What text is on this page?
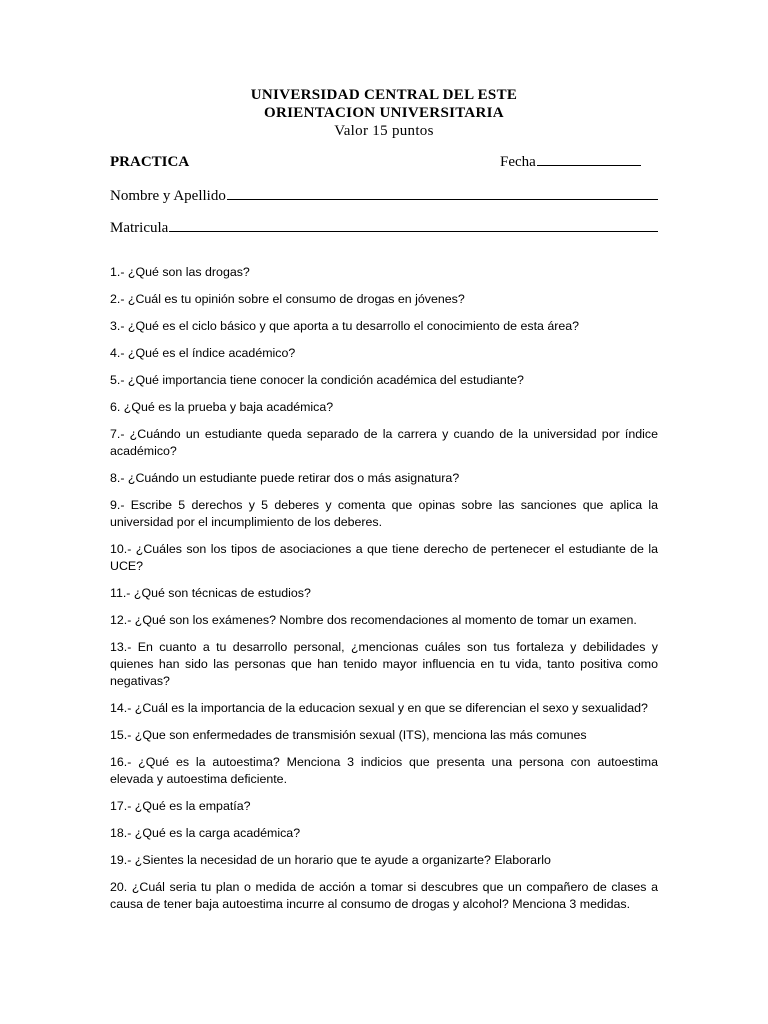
UNIVERSIDAD CENTRAL DEL ESTE
ORIENTACION UNIVERSITARIA
Valor 15 puntos
PRACTICA	Fecha
Nombre y Apellido
Matricula

1.- ¿Qué son las drogas?

2.- ¿Cuál es tu opinión sobre el consumo de drogas en jóvenes?

3.- ¿Qué es el ciclo básico y que aporta a tu desarrollo el conocimiento de esta área?

4.- ¿Qué es el índice académico?

5.- ¿Qué importancia tiene conocer la condición académica del estudiante?

6. ¿Qué es la prueba y baja académica?

7.- ¿Cuándo un estudiante queda separado de la carrera y cuando de la universidad por índice académico?

8.- ¿Cuándo un estudiante puede retirar dos o más asignatura?

9.- Escribe 5 derechos y 5 deberes y comenta que opinas sobre las sanciones que aplica la universidad por el incumplimiento de los deberes.

10.- ¿Cuáles son los tipos de asociaciones a que tiene derecho de pertenecer el estudiante de la UCE?

11.- ¿Qué son técnicas de estudios?

12.- ¿Qué son los exámenes? Nombre dos recomendaciones al momento de tomar un examen.

13.- En cuanto a tu desarrollo personal, ¿mencionas cuáles son tus fortaleza y debilidades y quienes han sido las personas que han tenido mayor influencia en tu vida, tanto positiva como negativas?

14.- ¿Cuál es la importancia de la educacion sexual y en que se diferencian el sexo y sexualidad?

15.- ¿Que son enfermedades de transmisión sexual (ITS), menciona las más comunes

16.- ¿Qué es la autoestima? Menciona 3 indicios que presenta una persona con autoestima elevada y autoestima deficiente.

17.- ¿Qué es la empatía?

18.- ¿Qué es la carga académica?

19.- ¿Sientes la necesidad de un horario que te ayude a organizarte? Elaborarlo

20. ¿Cuál seria tu plan o medida de acción a tomar si descubres que un compañero de clases a causa de tener baja autoestima incurre al consumo de drogas y alcohol? Menciona 3 medidas.
